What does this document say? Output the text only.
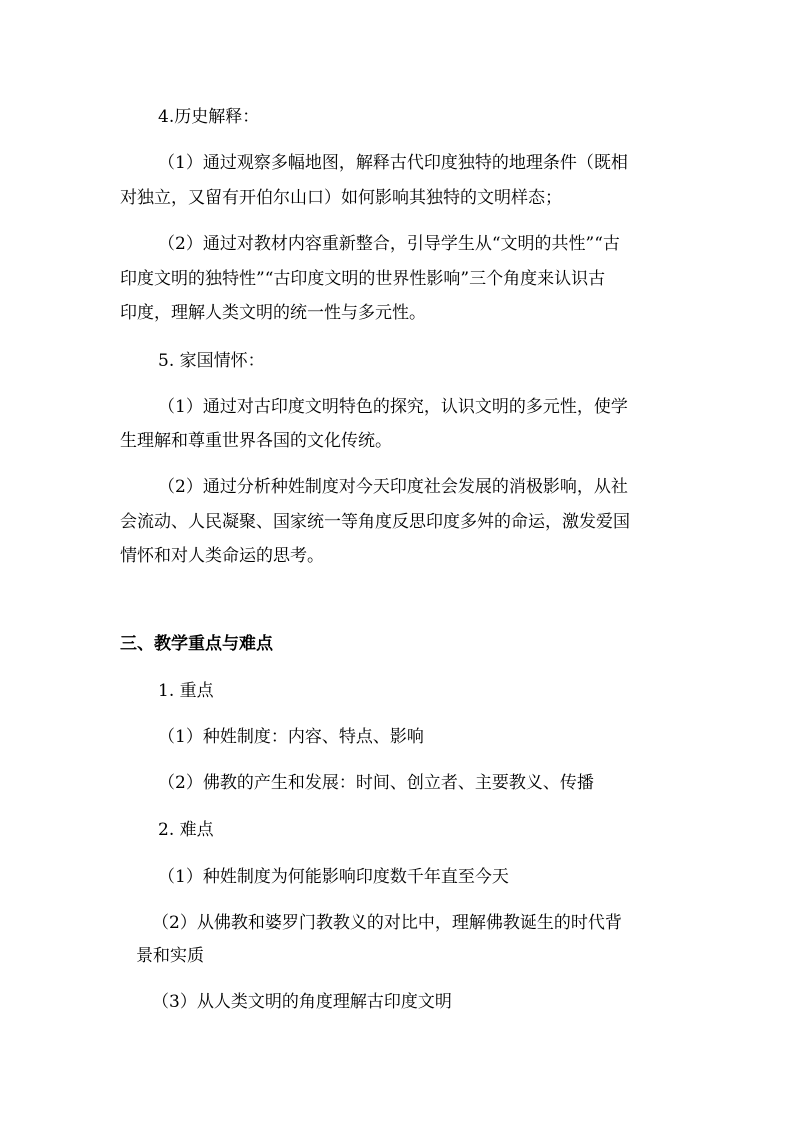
4.历史解释：
（1）通过观察多幅地图，解释古代印度独特的地理条件（既相
对独立，又留有开伯尔山口）如何影响其独特的文明样态；
（2）通过对教材内容重新整合，引导学生从“文明的共性”“古
印度文明的独特性”“古印度文明的世界性影响”三个角度来认识古
印度，理解人类文明的统一性与多元性。
5. 家国情怀：
（1）通过对古印度文明特色的探究，认识文明的多元性，使学
生理解和尊重世界各国的文化传统。
（2）通过分析种姓制度对今天印度社会发展的消极影响，从社
会流动、人民凝聚、国家统一等角度反思印度多舛的命运，激发爱国
情怀和对人类命运的思考。
三、教学重点与难点
1. 重点
（1）种姓制度：内容、特点、影响
（2）佛教的产生和发展：时间、创立者、主要教义、传播
2. 难点
（1）种姓制度为何能影响印度数千年直至今天
（2）从佛教和婆罗门教教义的对比中，理解佛教诞生的时代背
景和实质
（3）从人类文明的角度理解古印度文明
